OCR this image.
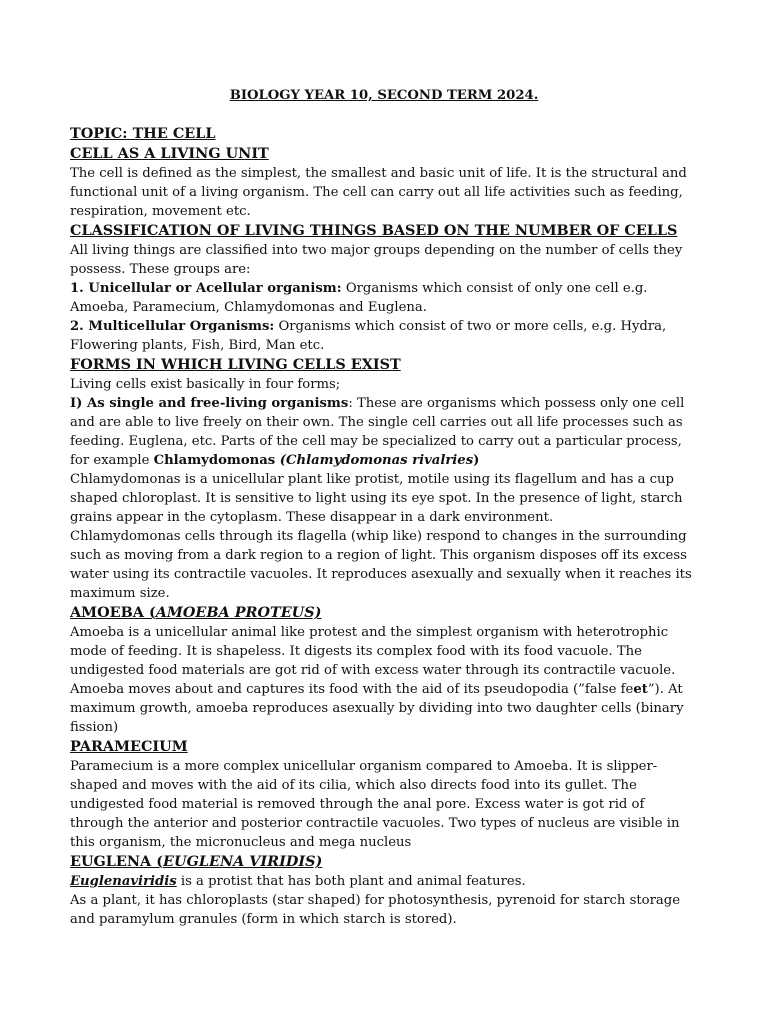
BIOLOGY YEAR 10, SECOND TERM 2024.

TOPIC: THE CELL

CELL AS A LIVING UNIT

The cell is defined as the simplest, the smallest and basic unit of life. It is the structural and functional unit of a living organism. The cell can carry out all life activities such as feeding, respiration, movement etc.

CLASSIFICATION OF LIVING THINGS BASED ON THE NUMBER OF CELLS

All living things are classified into two major groups depending on the number of cells they possess. These groups are:

1. Unicellular or Acellular organism: Organisms which consist of only one cell e.g. Amoeba, Paramecium, Chlamydomonas and Euglena.

2. Multicellular Organisms: Organisms which consist of two or more cells, e.g. Hydra, Flowering plants, Fish, Bird, Man etc.

FORMS IN WHICH LIVING CELLS EXIST

Living cells exist basically in four forms;

I) As single and free-living organisms: These are organisms which possess only one cell and are able to live freely on their own. The single cell carries out all life processes such as feeding. Euglena, etc. Parts of the cell may be specialized to carry out a particular process, for example Chlamydomonas (Chlamydomonas rivalries)

Chlamydomonas is a unicellular plant like protist, motile using its flagellum and has a cup shaped chloroplast. It is sensitive to light using its eye spot. In the presence of light, starch grains appear in the cytoplasm. These disappear in a dark environment.

Chlamydomonas cells through its flagella (whip like) respond to changes in the surrounding such as moving from a dark region to a region of light. This organism disposes off its excess water using its contractile vacuoles. It reproduces asexually and sexually when it reaches its maximum size.

AMOEBA (AMOEBA PROTEUS)

Amoeba is a unicellular animal like protest and the simplest organism with heterotrophic mode of feeding. It is shapeless. It digests its complex food with its food vacuole. The undigested food materials are got rid of with excess water through its contractile vacuole. Amoeba moves about and captures its food with the aid of its pseudopodia (”false feet”). At maximum growth, amoeba reproduces asexually by dividing into two daughter cells (binary fission)

PARAMECIUM

Paramecium is a more complex unicellular organism compared to Amoeba. It is slipper-shaped and moves with the aid of its cilia, which also directs food into its gullet. The undigested food material is removed through the anal pore. Excess water is got rid of through the anterior and posterior contractile vacuoles. Two types of nucleus are visible in this organism, the micronucleus and mega nucleus

EUGLENA (EUGLENA VIRIDIS)

Euglenaviridis is a protist that has both plant and animal features.

As a plant, it has chloroplasts (star shaped) for photosynthesis, pyrenoid for starch storage and paramylum granules (form in which starch is stored).
